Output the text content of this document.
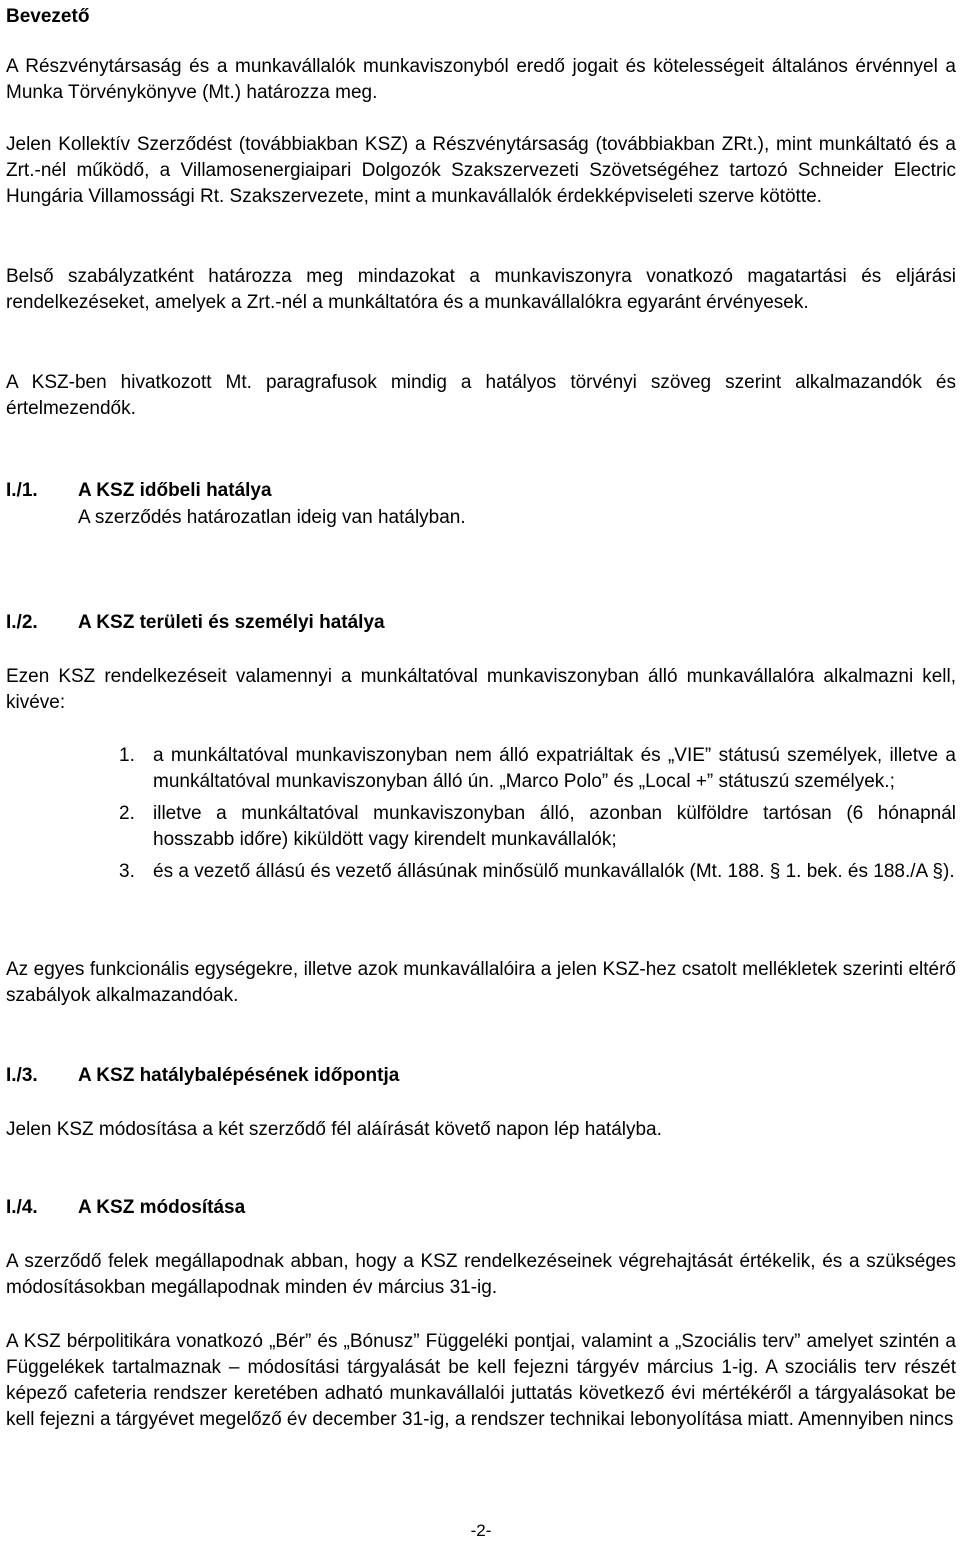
Bevezető
A Részvénytársaság és a munkavállalók munkaviszonyból eredő jogait és kötelességeit általános érvénnyel a Munka Törvénykönyve (Mt.) határozza meg.
Jelen Kollektív Szerződést (továbbiakban KSZ) a Részvénytársaság (továbbiakban ZRt.), mint munkáltató és a Zrt.-nél működő, a Villamosenergiaipari Dolgozók Szakszervezeti Szövetségéhez tartozó Schneider Electric Hungária Villamossági Rt. Szakszervezete, mint a munkavállalók érdekképviseleti szerve kötötte.
Belső szabályzatként határozza meg mindazokat a munkaviszonyra vonatkozó magatartási és eljárási rendelkezéseket, amelyek a Zrt.-nél a munkáltatóra és a munkavállalókra egyaránt érvényesek.
A KSZ-ben hivatkozott Mt. paragrafusok mindig a hatályos törvényi szöveg szerint alkalmazandók és értelmezendők.
I./1. A KSZ időbeli hatálya
A szerződés határozatlan ideig van hatályban.
I./2. A KSZ területi és személyi hatálya
Ezen KSZ rendelkezéseit valamennyi a munkáltatóval munkaviszonyban álló munkavállalóra alkalmazni kell, kivéve:
1. a munkáltatóval munkaviszonyban nem álló expatriáltak és „VIE” státusú személyek, illetve a munkáltatóval munkaviszonyban álló ún. „Marco Polo” és „Local +” státuszú személyek.;
2. illetve a munkáltatóval munkaviszonyban álló, azonban külföldre tartósan (6 hónapnál hosszabb időre) kiküldött vagy kirendelt munkavállalók;
3. és a vezető állású és vezető állásúnak minősülő munkavállalók (Mt. 188. § 1. bek. és 188./A §).
Az egyes funkcionális egységekre, illetve azok munkavállalóira a jelen KSZ-hez csatolt mellékletek szerinti eltérő szabályok alkalmazandóak.
I./3. A KSZ hatálybalépésének időpontja
Jelen KSZ módosítása a két szerződő fél aláírását követő napon lép hatályba.
I./4. A KSZ módosítása
A szerződő felek megállapodnak abban, hogy a KSZ rendelkezéseinek végrehajtását értékelik, és a szükséges módosításokban megállapodnak minden év március 31-ig.
A KSZ bérpolitikára vonatkozó „Bér” és „Bónusz” Függeléki pontjai, valamint a „Szociális terv” amelyet szintén a Függelékek tartalmaznak – módosítási tárgyalását be kell fejezni tárgyév március 1-ig. A szociális terv részét képező cafeteria rendszer keretében adható munkavállalói juttatás következő évi mértékéről a tárgyalásokat be kell fejezni a tárgyévet megelőző év december 31-ig, a rendszer technikai lebonyolítása miatt. Amennyiben nincs
-2-
